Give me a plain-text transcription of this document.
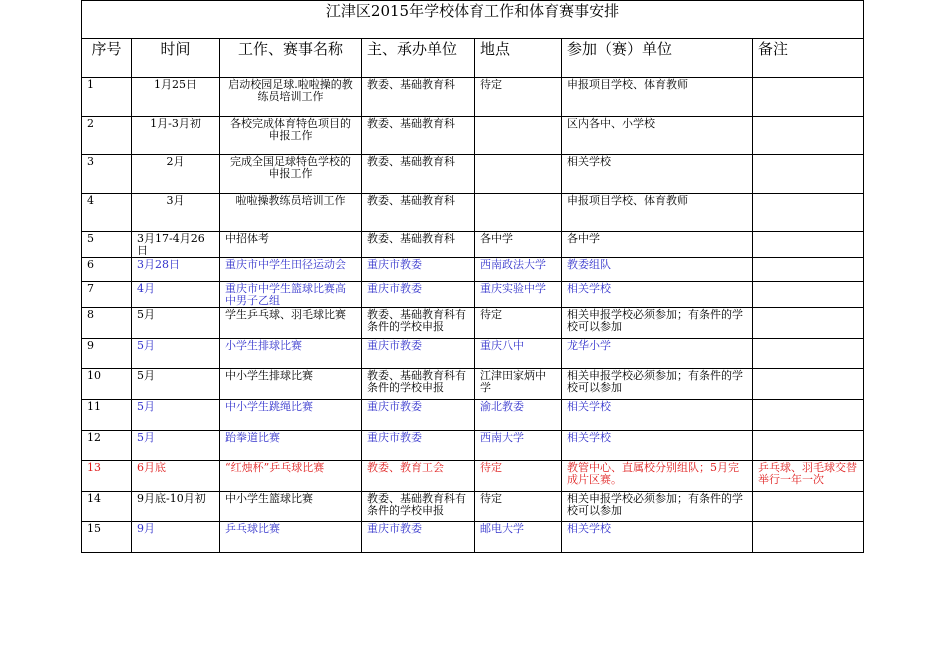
江津区2015年学校体育工作和体育赛事安排						
序号	时间	工作、赛事名称	主、承办单位	地点	参加（赛）单位	备注
1	1月25日	启动校园足球.啦啦操的教练员培训工作	教委、基础教育科	待定	申报项目学校、体育教师	
2	1月-3月初	各校完成体育特色项目的申报工作	教委、基础教育科		区内各中、小学校	
3	2月	完成全国足球特色学校的申报工作	教委、基础教育科		相关学校	
4	3月	啦啦操教练员培训工作	教委、基础教育科		申报项目学校、体育教师	
5	3月17-4月26日	中招体考	教委、基础教育科	各中学	各中学	
6	3月28日	重庆市中学生田径运动会	重庆市教委	西南政法大学	教委组队	
7	4月	重庆市中学生篮球比赛高中男子乙组	重庆市教委	重庆实验中学	相关学校	
8	5月	学生乒乓球、羽毛球比赛	教委、基础教育科有条件的学校申报	待定	相关申报学校必须参加；有条件的学校可以参加	
9	5月	小学生排球比赛	重庆市教委	重庆八中	龙华小学	
10	5月	中小学生排球比赛	教委、基础教育科有条件的学校申报	江津田家炳中学	相关申报学校必须参加；有条件的学校可以参加	
11	5月	中小学生跳绳比赛	重庆市教委	渝北教委	相关学校	
12	5月	跆拳道比赛	重庆市教委	西南大学	相关学校	
13	6月底	“红烛杯”乒乓球比赛	教委、教育工会	待定	教管中心、直属校分别组队；5月完成片区赛。	乒乓球、羽毛球交替举行一年一次
14	9月底-10月初	中小学生篮球比赛	教委、基础教育科有条件的学校申报	待定	相关申报学校必须参加；有条件的学校可以参加	
15	9月	乒乓球比赛	重庆市教委	邮电大学	相关学校	
